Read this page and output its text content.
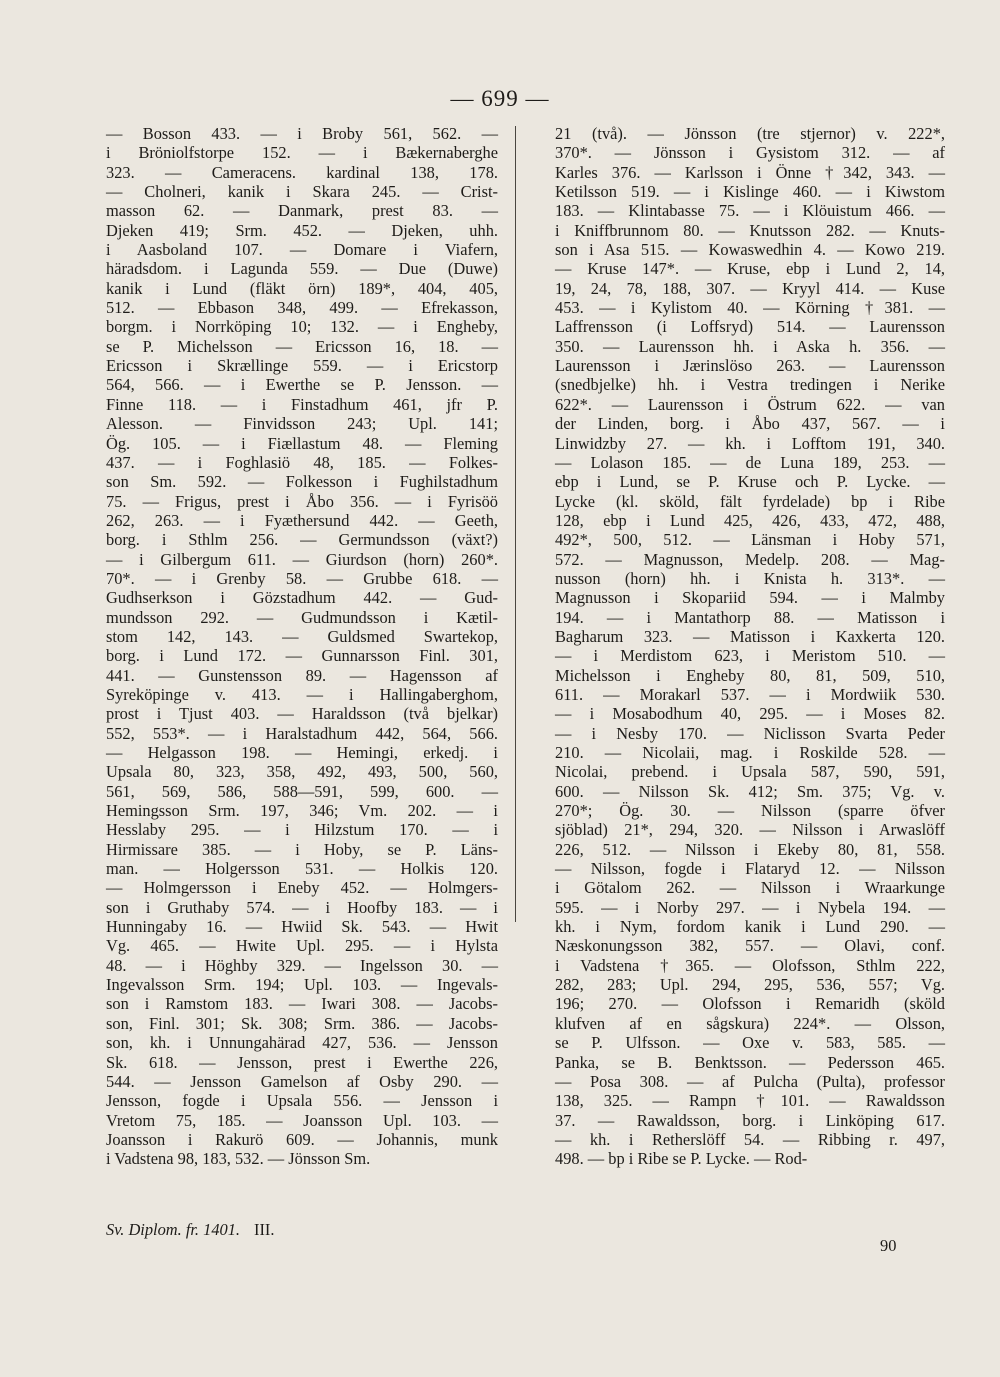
— 699 —
— Bosson 433. — i Broby 561, 562. —
i Bröniolfstorpe 152. — i Bækernaberghe
323. — Cameracens. kardinal 138, 178.
— Cholneri, kanik i Skara 245. — Crist-
masson 62. — Danmark, prest 83. —
Djeken 419; Srm. 452. — Djeken, uhh.
i Aasboland 107. — Domare i Viafern,
häradsdom. i Lagunda 559. — Due (Duwe)
kanik i Lund (fläkt örn) 189*, 404, 405,
512. — Ebbason 348, 499. — Efrekasson,
borgm. i Norrköping 10; 132. — i Engheby,
se P. Michelsson — Ericsson 16, 18. —
Ericsson i Skrællinge 559. — i Ericstorp
564, 566. — i Ewerthe se P. Jensson. —
Finne 118. — i Finstadhum 461, jfr P.
Alesson. — Finvidsson 243; Upl. 141;
Ög. 105. — i Fiællastum 48. — Fleming
437. — i Foghlasiö 48, 185. — Folkes-
son Sm. 592. — Folkesson i Fughilstadhum
75. — Frigus, prest i Åbo 356. — i Fyrisöö
262, 263. — i Fyæthersund 442. — Geeth,
borg. i Sthlm 256. — Germundsson (växt?)
— i Gilbergum 611. — Giurdson (horn) 260*.
70*. — i Grenby 58. — Grubbe 618. —
Gudhserkson i Gözstadhum 442. — Gud-
mundsson 292. — Gudmundsson i Kætil-
stom 142, 143. — Guldsmed Swartekop,
borg. i Lund 172. — Gunnarsson Finl. 301,
441. — Gunstensson 89. — Hagensson af
Syreköpinge v. 413. — i Hallingaberghom,
prost i Tjust 403. — Haraldsson (två bjelkar)
552, 553*. — i Haralstadhum 442, 564, 566.
— Helgasson 198. — Hemingi, erkedj. i
Upsala 80, 323, 358, 492, 493, 500, 560,
561, 569, 586, 588—591, 599, 600. —
Hemingsson Srm. 197, 346; Vm. 202. — i
Hesslaby 295. — i Hilzstum 170. — i
Hirmissare 385. — i Hoby, se P. Läns-
man. — Holgersson 531. — Holkis 120.
— Holmgersson i Eneby 452. — Holmgers-
son i Gruthaby 574. — i Hoofby 183. — i
Hunningaby 16. — Hwiid Sk. 543. — Hwit
Vg. 465. — Hwite Upl. 295. — i Hylsta
48. — i Höghby 329. — Ingelsson 30. —
Ingevalsson Srm. 194; Upl. 103. — Ingevals-
son i Ramstom 183. — Iwari 308. — Jacobs-
son, Finl. 301; Sk. 308; Srm. 386. — Jacobs-
son, kh. i Unnungahärad 427, 536. — Jensson
Sk. 618. — Jensson, prest i Ewerthe 226,
544. — Jensson Gamelson af Osby 290. —
Jensson, fogde i Upsala 556. — Jensson i
Vretom 75, 185. — Joansson Upl. 103. —
Joansson i Rakurö 609. — Johannis, munk
i Vadstena 98, 183, 532. — Jönsson Sm.
21 (två). — Jönsson (tre stjernor) v. 222*,
370*. — Jönsson i Gysistom 312. — af
Karles 376. — Karlsson i Önne †342, 343. —
Ketilsson 519. — i Kislinge 460. — i Kiwstom
183. — Klintabasse 75. — i Klöuistum 466. —
i Kniffbrunnom 80. — Knutsson 282. — Knuts-
son i Asa 515. — Kowaswedhin 4. — Kowo 219.
— Kruse 147*. — Kruse, ebp i Lund 2, 14,
19, 24, 78, 188, 307. — Kryyl 414. — Kuse
453. — i Kylistom 40. — Körning †381. —
Laffrensson (i Loffsryd) 514. — Laurensson
350. — Laurensson hh. i Aska h. 356. —
Laurensson i Jærinslöso 263. — Laurensson
(snedbjelke) hh. i Vestra tredingen i Nerike
622*. — Laurensson i Östrum 622. — van
der Linden, borg. i Åbo 437, 567. — i
Linwidzby 27. — kh. i Lofftom 191, 340.
— Lolason 185. — de Luna 189, 253. —
ebp i Lund, se P. Kruse och P. Lycke. —
Lycke (kl. sköld, fält fyrdelade) bp i Ribe
128, ebp i Lund 425, 426, 433, 472, 488,
492*, 500, 512. — Länsman i Hoby 571,
572. — Magnusson, Medelp. 208. — Mag-
nusson (horn) hh. i Knista h. 313*. —
Magnusson i Skopariid 594. — i Malmby
194. — i Mantathorp 88. — Matisson i
Bagharum 323. — Matisson i Kaxkerta 120.
— i Merdistom 623, i Meristom 510. —
Michelsson i Engheby 80, 81, 509, 510,
611. — Morakarl 537. — i Mordwiik 530.
— i Mosabodhum 40, 295. — i Moses 82.
— i Nesby 170. — Niclisson Svarta Peder
210. — Nicolaii, mag. i Roskilde 528. —
Nicolai, prebend. i Upsala 587, 590, 591,
600. — Nilsson Sk. 412; Sm. 375; Vg. v.
270*; Ög. 30. — Nilsson (sparre öfver
sjöblad) 21*, 294, 320. — Nilsson i Arwaslöff
226, 512. — Nilsson i Ekeby 80, 81, 558.
— Nilsson, fogde i Flataryd 12. — Nilsson
i Götalom 262. — Nilsson i Wraarkunge
595. — i Norby 297. — i Nybela 194. —
kh. i Nym, fordom kanik i Lund 290. —
Næskonungsson 382, 557. — Olavi, conf.
i Vadstena †365. — Olofsson, Sthlm 222,
282, 283; Upl. 294, 295, 536, 557; Vg.
196; 270. — Olofsson i Remaridh (sköld
klufven af en sågskura) 224*. — Olsson,
se P. Ulfsson. — Oxe v. 583, 585. —
Panka, se B. Benktsson. — Pedersson 465.
— Posa 308. — af Pulcha (Pulta), professor
138, 325. — Rampn †101. — Rawaldsson
37. — Rawaldsson, borg. i Linköping 617.
— kh. i Retherslöff 54. — Ribbing r. 497,
498. — bp i Ribe se P. Lycke. — Rod-
Sv. Diplom. fr. 1401. III.
90
